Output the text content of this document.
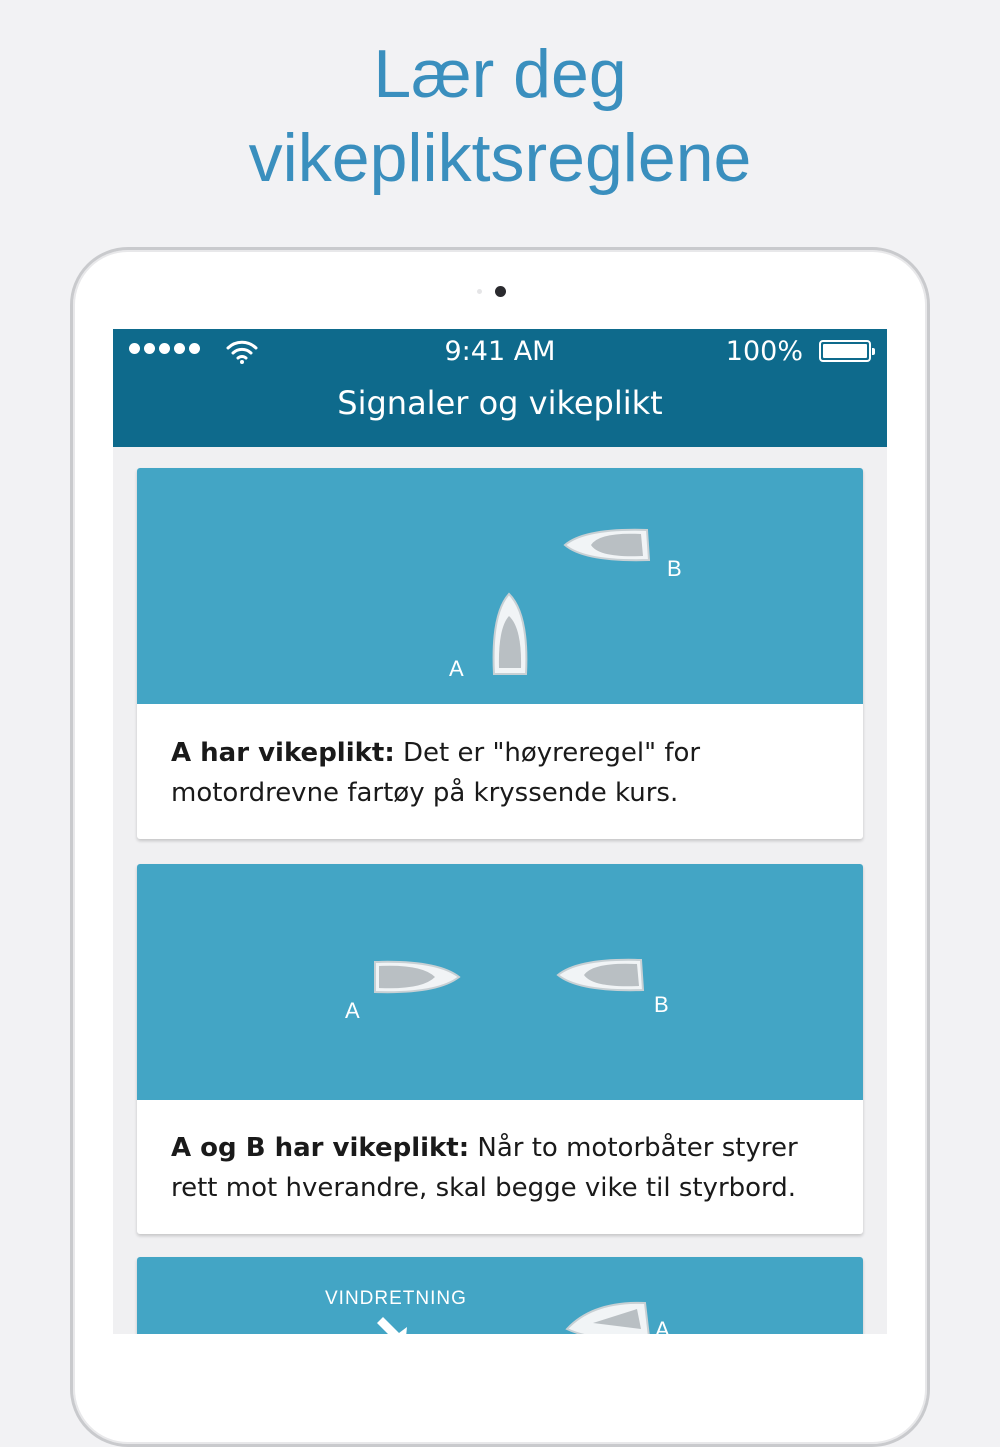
Lær deg
vikepliktsreglene
9:41 AM	100%
Signaler og vikeplikt
B
A
A har vikeplikt: Det er "høyreregel" for motordrevne fartøy på kryssende kurs.
A	B
A og B har vikeplikt: Når to motorbåter styrer rett mot hverandre, skal begge vike til styrbord.
VINDRETNING
A
